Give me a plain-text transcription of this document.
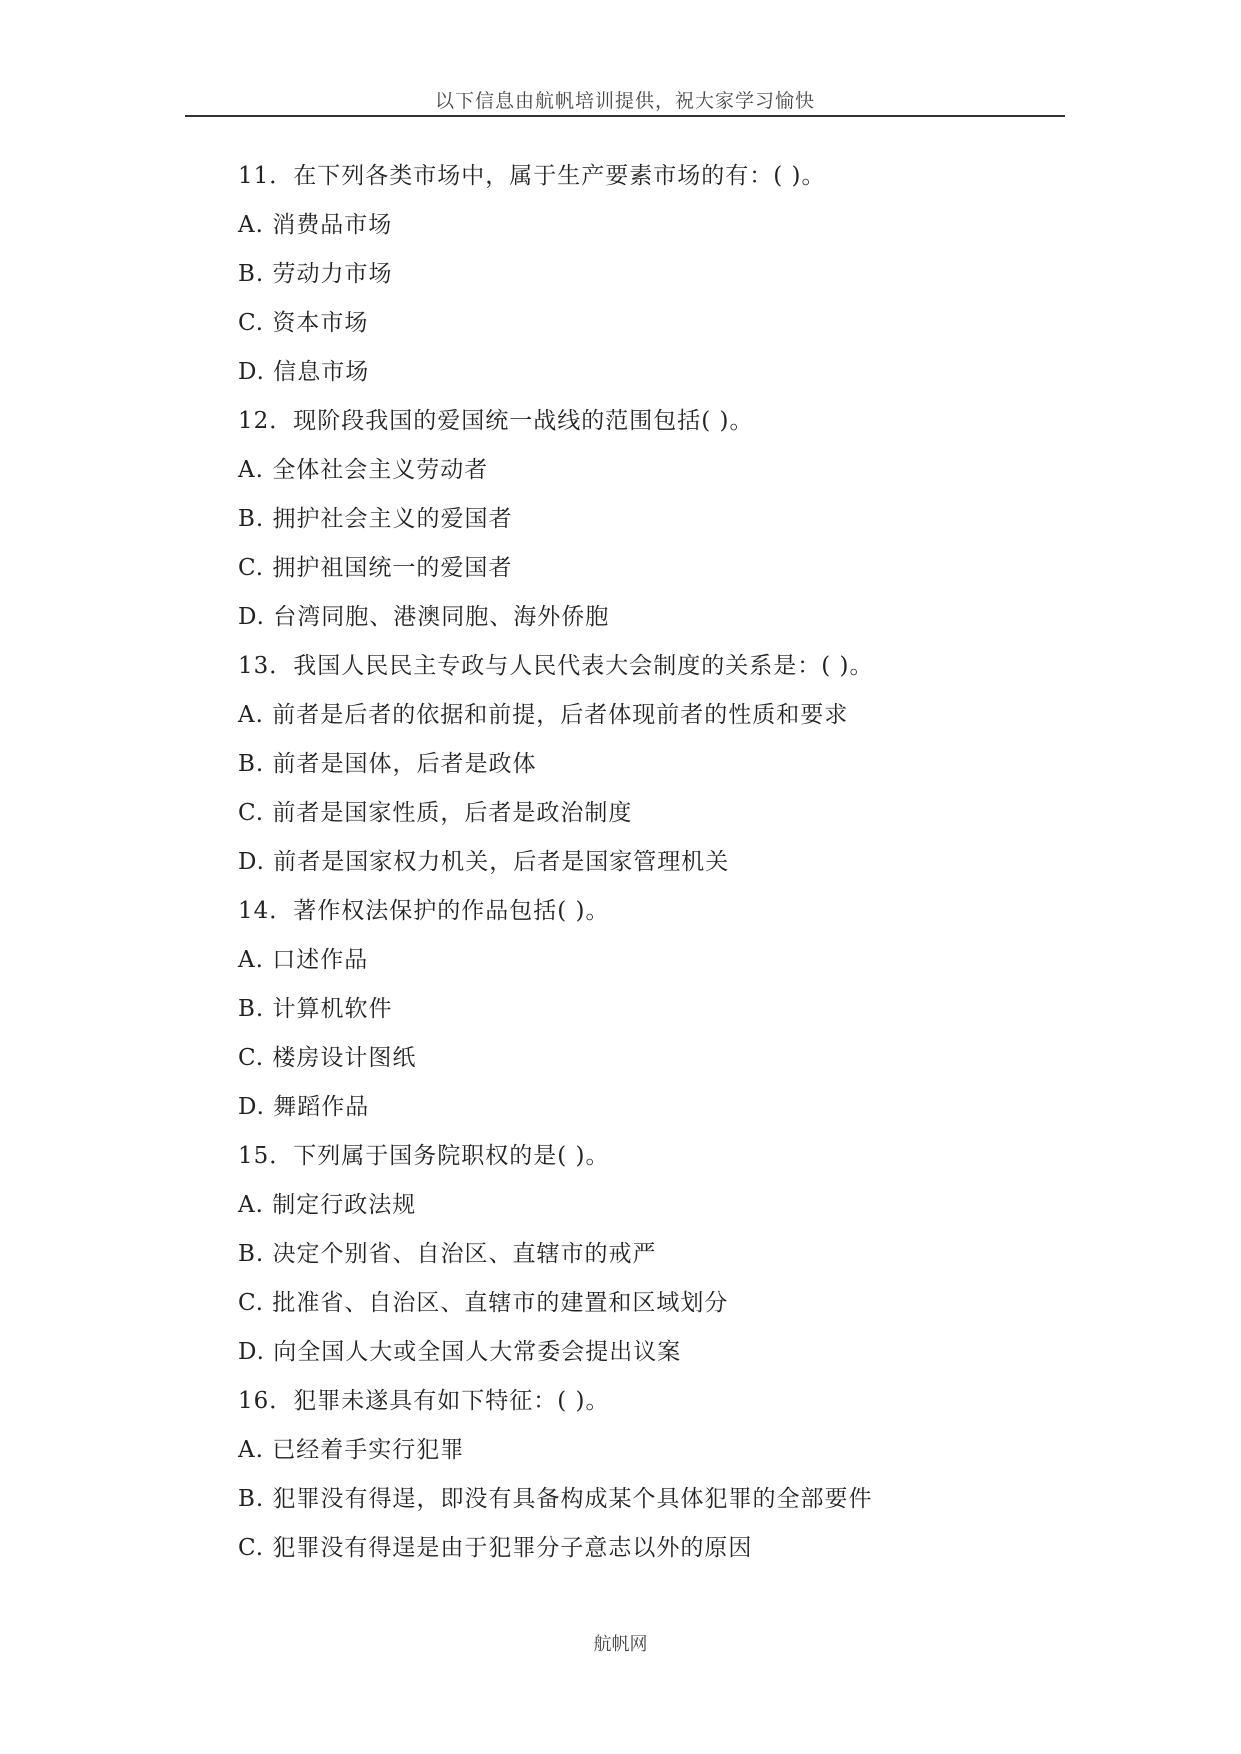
以下信息由航帆培训提供，祝大家学习愉快
11．在下列各类市场中，属于生产要素市场的有：( )。
A. 消费品市场
B. 劳动力市场
C. 资本市场
D. 信息市场
12．现阶段我国的爱国统一战线的范围包括( )。
A. 全体社会主义劳动者
B. 拥护社会主义的爱国者
C. 拥护祖国统一的爱国者
D. 台湾同胞、港澳同胞、海外侨胞
13．我国人民民主专政与人民代表大会制度的关系是：( )。
A. 前者是后者的依据和前提，后者体现前者的性质和要求
B. 前者是国体，后者是政体
C. 前者是国家性质，后者是政治制度
D. 前者是国家权力机关，后者是国家管理机关
14．著作权法保护的作品包括( )。
A. 口述作品
B. 计算机软件
C. 楼房设计图纸
D. 舞蹈作品
15．下列属于国务院职权的是( )。
A. 制定行政法规
B. 决定个别省、自治区、直辖市的戒严
C. 批准省、自治区、直辖市的建置和区域划分
D. 向全国人大或全国人大常委会提出议案
16．犯罪未遂具有如下特征：( )。
A. 已经着手实行犯罪
B. 犯罪没有得逞，即没有具备构成某个具体犯罪的全部要件
C. 犯罪没有得逞是由于犯罪分子意志以外的原因
航帆网
